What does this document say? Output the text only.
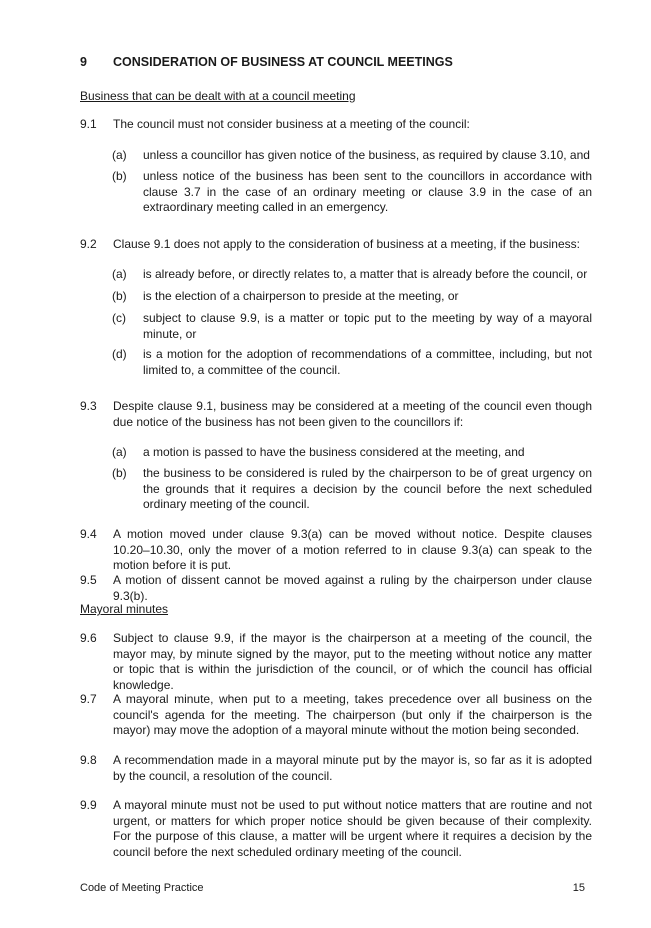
9 CONSIDERATION OF BUSINESS AT COUNCIL MEETINGS
Business that can be dealt with at a council meeting
9.1 The council must not consider business at a meeting of the council:
(a) unless a councillor has given notice of the business, as required by clause 3.10, and
(b) unless notice of the business has been sent to the councillors in accordance with clause 3.7 in the case of an ordinary meeting or clause 3.9 in the case of an extraordinary meeting called in an emergency.
9.2 Clause 9.1 does not apply to the consideration of business at a meeting, if the business:
(a) is already before, or directly relates to, a matter that is already before the council, or
(b) is the election of a chairperson to preside at the meeting, or
(c) subject to clause 9.9, is a matter or topic put to the meeting by way of a mayoral minute, or
(d) is a motion for the adoption of recommendations of a committee, including, but not limited to, a committee of the council.
9.3 Despite clause 9.1, business may be considered at a meeting of the council even though due notice of the business has not been given to the councillors if:
(a) a motion is passed to have the business considered at the meeting, and
(b) the business to be considered is ruled by the chairperson to be of great urgency on the grounds that it requires a decision by the council before the next scheduled ordinary meeting of the council.
9.4 A motion moved under clause 9.3(a) can be moved without notice. Despite clauses 10.20–10.30, only the mover of a motion referred to in clause 9.3(a) can speak to the motion before it is put.
9.5 A motion of dissent cannot be moved against a ruling by the chairperson under clause 9.3(b).
Mayoral minutes
9.6 Subject to clause 9.9, if the mayor is the chairperson at a meeting of the council, the mayor may, by minute signed by the mayor, put to the meeting without notice any matter or topic that is within the jurisdiction of the council, or of which the council has official knowledge.
9.7 A mayoral minute, when put to a meeting, takes precedence over all business on the council's agenda for the meeting. The chairperson (but only if the chairperson is the mayor) may move the adoption of a mayoral minute without the motion being seconded.
9.8 A recommendation made in a mayoral minute put by the mayor is, so far as it is adopted by the council, a resolution of the council.
9.9 A mayoral minute must not be used to put without notice matters that are routine and not urgent, or matters for which proper notice should be given because of their complexity. For the purpose of this clause, a matter will be urgent where it requires a decision by the council before the next scheduled ordinary meeting of the council.
Code of Meeting Practice	15
